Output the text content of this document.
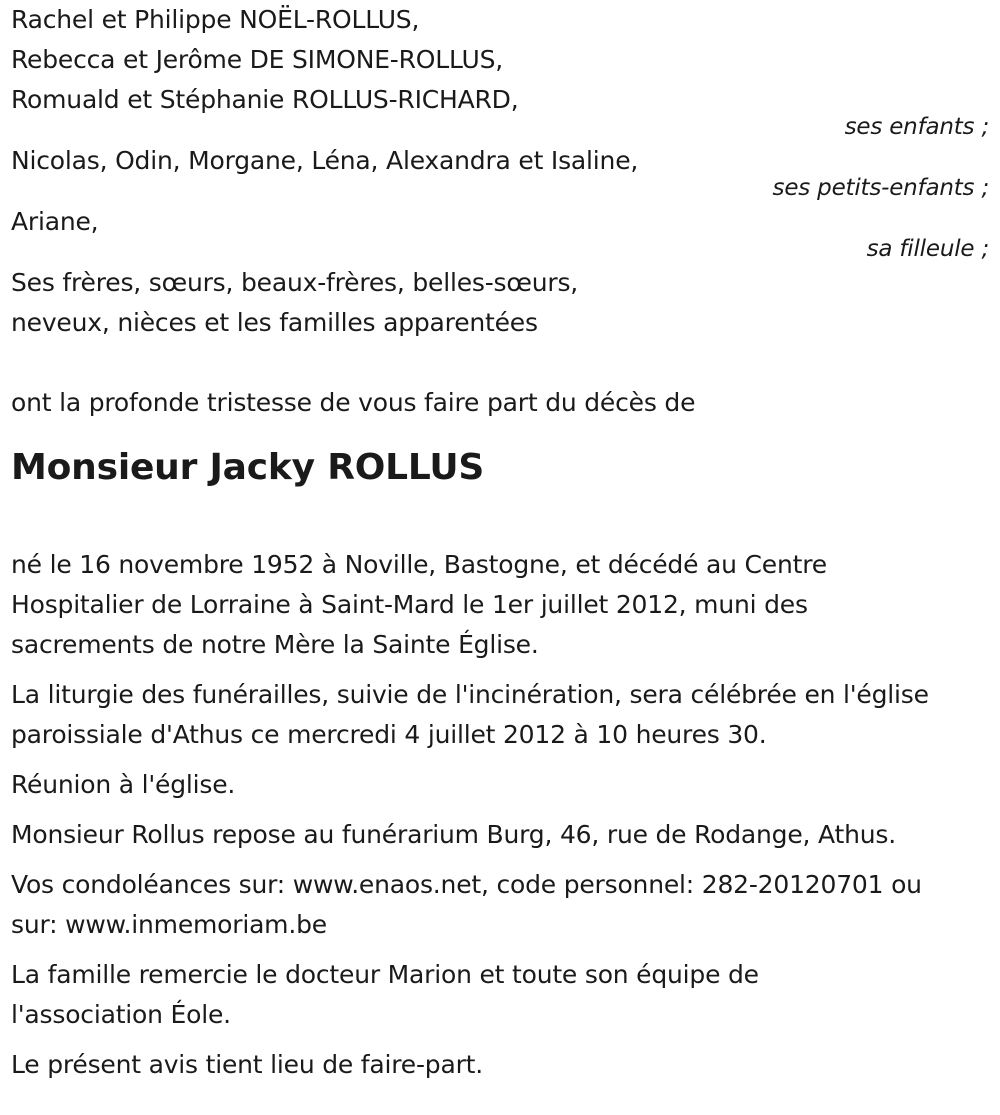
Rachel et Philippe NOËL-ROLLUS,
Rebecca et Jerôme DE SIMONE-ROLLUS,
Romuald et Stéphanie ROLLUS-RICHARD,
ses enfants ;
Nicolas, Odin, Morgane, Léna, Alexandra et Isaline,
ses petits-enfants ;
Ariane,
sa filleule ;
Ses frères, sœurs, beaux-frères, belles-sœurs,
neveux, nièces et les familles apparentées
ont la profonde tristesse de vous faire part du décès de
Monsieur Jacky ROLLUS
né le 16 novembre 1952 à Noville, Bastogne, et décédé au Centre
Hospitalier de Lorraine à Saint-Mard le 1er juillet 2012, muni des
sacrements de notre Mère la Sainte Église.
La liturgie des funérailles, suivie de l'incinération, sera célébrée en l'église
paroissiale d'Athus ce mercredi 4 juillet 2012 à 10 heures 30.
Réunion à l'église.
Monsieur Rollus repose au funérarium Burg, 46, rue de Rodange, Athus.
Vos condoléances sur: www.enaos.net, code personnel: 282-20120701 ou
sur: www.inmemoriam.be
La famille remercie le docteur Marion et toute son équipe de
l'association Éole.
Le présent avis tient lieu de faire-part.
